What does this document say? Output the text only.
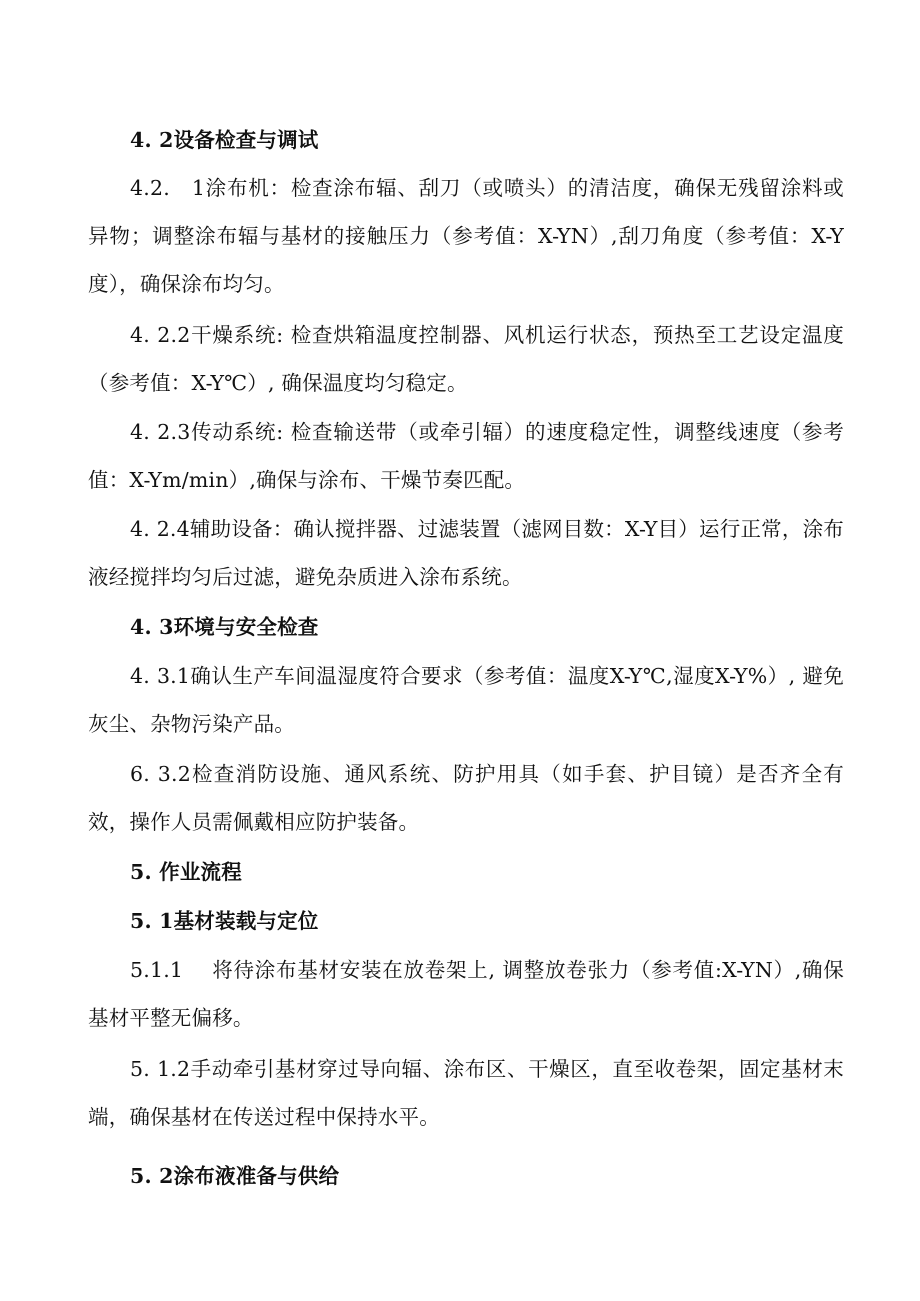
4. 2设备检查与调试
4.2.　1涂布机：检查涂布辐、刮刀（或喷头）的清洁度，确保无残留涂料或异物；调整涂布辐与基材的接触压力（参考值：X-YN）,刮刀角度（参考值：X-Y度），确保涂布均匀。
4. 2.2干燥系统: 检查烘箱温度控制器、风机运行状态，预热至工艺设定温度（参考值：X-Y℃）, 确保温度均匀稳定。
4. 2.3传动系统: 检查输送带（或牵引辐）的速度稳定性，调整线速度（参考值：X-Ym/min）,确保与涂布、干燥节奏匹配。
4. 2.4辅助设备：确认搅拌器、过滤装置（滤网目数：X-Y目）运行正常，涂布液经搅拌均匀后过滤，避免杂质进入涂布系统。
4. 3环境与安全检查
4. 3.1确认生产车间温湿度符合要求（参考值：温度X-Y℃,湿度X-Y%）, 避免灰尘、杂物污染产品。
6. 3.2检查消防设施、通风系统、防护用具（如手套、护目镜）是否齐全有效，操作人员需佩戴相应防护装备。
5. 作业流程
5. 1基材装载与定位
5.1.1　 将待涂布基材安装在放卷架上, 调整放卷张力（参考值:X-YN）,确保基材平整无偏移。
5. 1.2手动牵引基材穿过导向辐、涂布区、干燥区，直至收卷架，固定基材末端，确保基材在传送过程中保持水平。
5. 2涂布液准备与供给
